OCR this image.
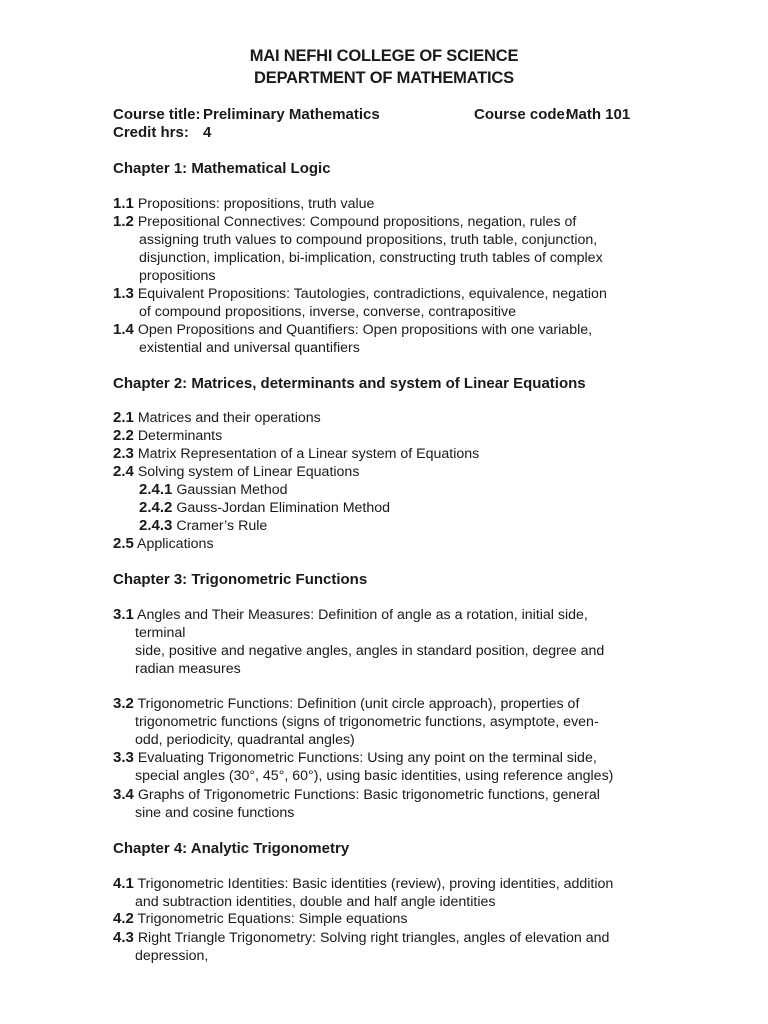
MAI NEFHI COLLEGE OF SCIENCE
DEPARTMENT OF MATHEMATICS
Course title: Preliminary Mathematics	Course code:
Math 101
Credit hrs: 4
Chapter 1: Mathematical Logic
1.1 Propositions: propositions, truth value
1.2 Prepositional Connectives: Compound propositions, negation, rules of
assigning truth values to compound propositions, truth table, conjunction,
disjunction, implication, bi-implication, constructing truth tables of complex
propositions
1.3 Equivalent Propositions: Tautologies, contradictions, equivalence, negation
of compound propositions, inverse, converse, contrapositive
1.4 Open Propositions and Quantifiers: Open propositions with one variable,
existential and universal quantifiers
Chapter 2: Matrices, determinants and system of Linear Equations
2.1 Matrices and their operations
2.2 Determinants
2.3 Matrix Representation of a Linear system of Equations
2.4 Solving system of Linear Equations
2.4.1 Gaussian Method
2.4.2 Gauss-Jordan Elimination Method
2.4.3 Cramer’s Rule
2.5 Applications
Chapter 3: Trigonometric Functions
3.1 Angles and Their Measures: Definition of angle as a rotation, initial side,
terminal
side, positive and negative angles, angles in standard position, degree and
radian measures
3.2 Trigonometric Functions: Definition (unit circle approach), properties of
trigonometric functions (signs of trigonometric functions, asymptote, even-
odd, periodicity, quadrantal angles)
3.3 Evaluating Trigonometric Functions: Using any point on the terminal side,
special angles (30°, 45°, 60°), using basic identities, using reference angles)
3.4 Graphs of Trigonometric Functions: Basic trigonometric functions, general
sine and cosine functions
Chapter 4: Analytic Trigonometry
4.1 Trigonometric Identities: Basic identities (review), proving identities, addition
and subtraction identities, double and half angle identities
4.2 Trigonometric Equations: Simple equations
4.3 Right Triangle Trigonometry: Solving right triangles, angles of elevation and
depression,
